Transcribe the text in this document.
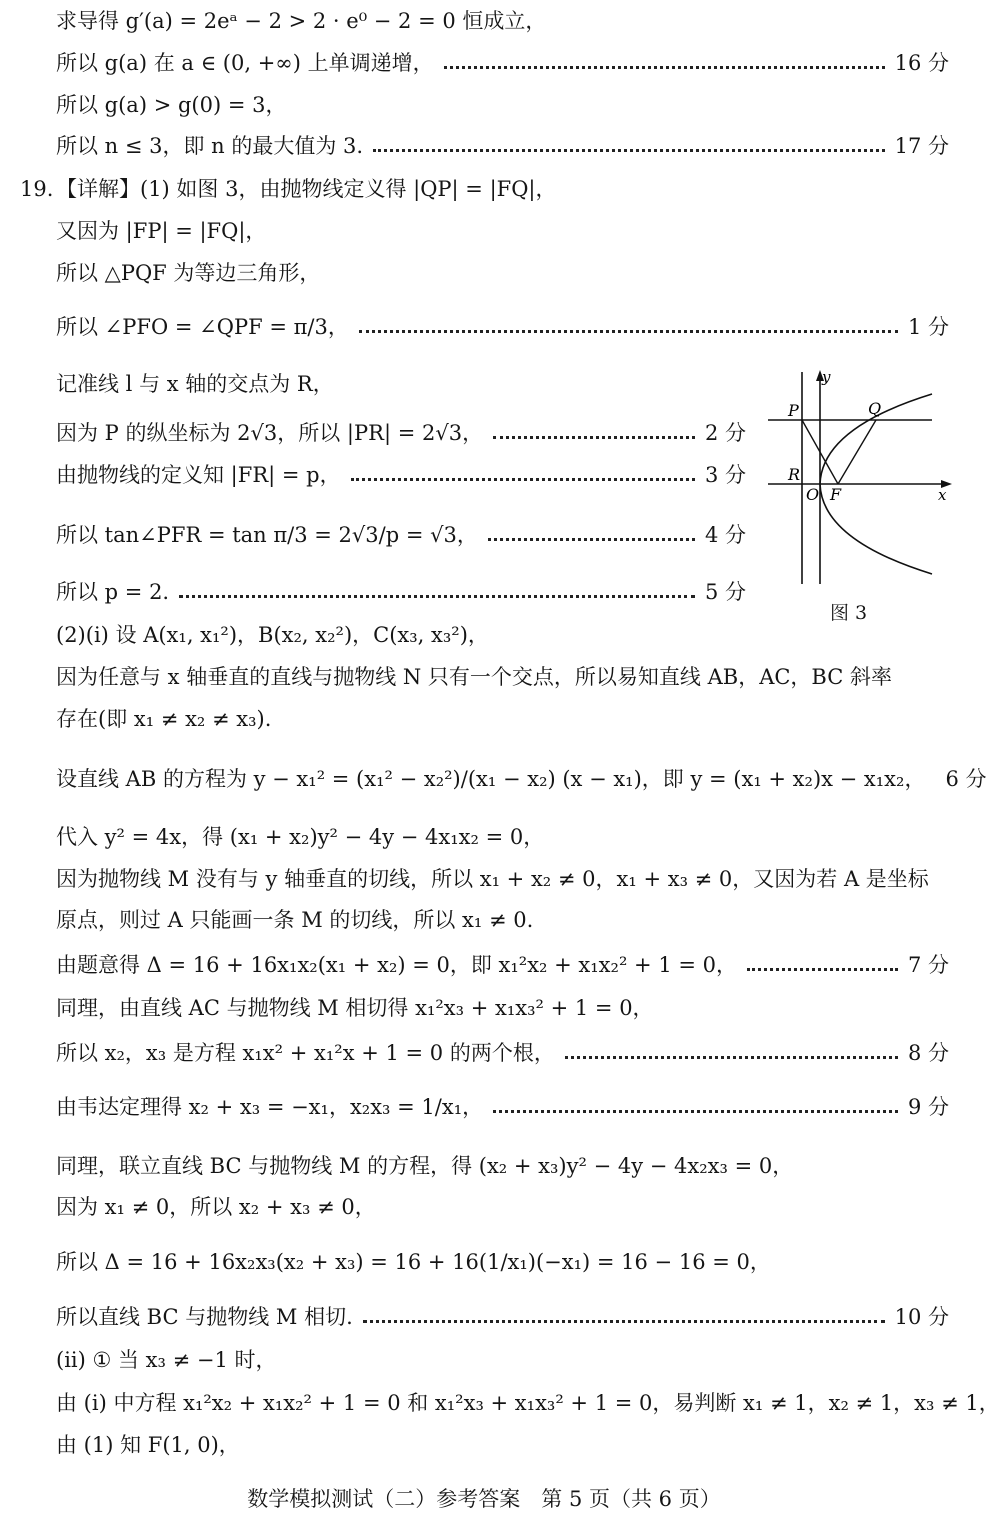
求导得 g′(a) = 2eᵃ − 2 > 2 · e⁰ − 2 = 0 恒成立，
所以 g(a) 在 a ∈ (0, +∞) 上单调递增，	16 分
所以 g(a) > g(0) = 3，
所以 n ≤ 3，即 n 的最大值为 3.	17 分
19. 【详解】(1) 如图 3，由抛物线定义得 |QP| = |FQ|，
又因为 |FP| = |FQ|，
所以 △PQF 为等边三角形，
所以 ∠PFO = ∠QPF = π/3，	1 分
记准线 l 与 x 轴的交点为 R，
因为 P 的纵坐标为 2√3，所以 |PR| = 2√3，	2 分
由抛物线的定义知 |FR| = p，	3 分
所以 tan∠PFR = tan π/3 = 2√3/p = √3，	4 分
所以 p = 2.	5 分
(2)(i) 设 A(x₁, x₁²)，B(x₂, x₂²)，C(x₃, x₃²)，
因为任意与 x 轴垂直的直线与抛物线 N 只有一个交点，所以易知直线 AB，AC，BC 斜率
存在(即 x₁ ≠ x₂ ≠ x₃).
设直线 AB 的方程为 y − x₁² = (x₁² − x₂²)/(x₁ − x₂) (x − x₁)，即 y = (x₁ + x₂)x − x₁x₂， 6 分
代入 y² = 4x，得 (x₁ + x₂)y² − 4y − 4x₁x₂ = 0，
因为抛物线 M 没有与 y 轴垂直的切线，所以 x₁ + x₂ ≠ 0，x₁ + x₃ ≠ 0，又因为若 A 是坐标
原点，则过 A 只能画一条 M 的切线，所以 x₁ ≠ 0.
由题意得 Δ = 16 + 16x₁x₂(x₁ + x₂) = 0，即 x₁²x₂ + x₁x₂² + 1 = 0，	7 分
同理，由直线 AC 与抛物线 M 相切得 x₁²x₃ + x₁x₃² + 1 = 0，
所以 x₂，x₃ 是方程 x₁x² + x₁²x + 1 = 0 的两个根，	8 分
由韦达定理得 x₂ + x₃ = −x₁，x₂x₃ = 1/x₁，	9 分
同理，联立直线 BC 与抛物线 M 的方程，得 (x₂ + x₃)y² − 4y − 4x₂x₃ = 0，
因为 x₁ ≠ 0，所以 x₂ + x₃ ≠ 0，
所以 Δ = 16 + 16x₂x₃(x₂ + x₃) = 16 + 16(1/x₁)(−x₁) = 16 − 16 = 0，
所以直线 BC 与抛物线 M 相切.	10 分
(ii) ① 当 x₃ ≠ −1 时，
由 (i) 中方程 x₁²x₂ + x₁x₂² + 1 = 0 和 x₁²x₃ + x₁x₃² + 1 = 0，易判断 x₁ ≠ 1，x₂ ≠ 1，x₃ ≠ 1，
由 (1) 知 F(1, 0)，
y
x
P	Q
R
O F
图 3
数学模拟测试（二）参考答案　第 5 页（共 6 页）
